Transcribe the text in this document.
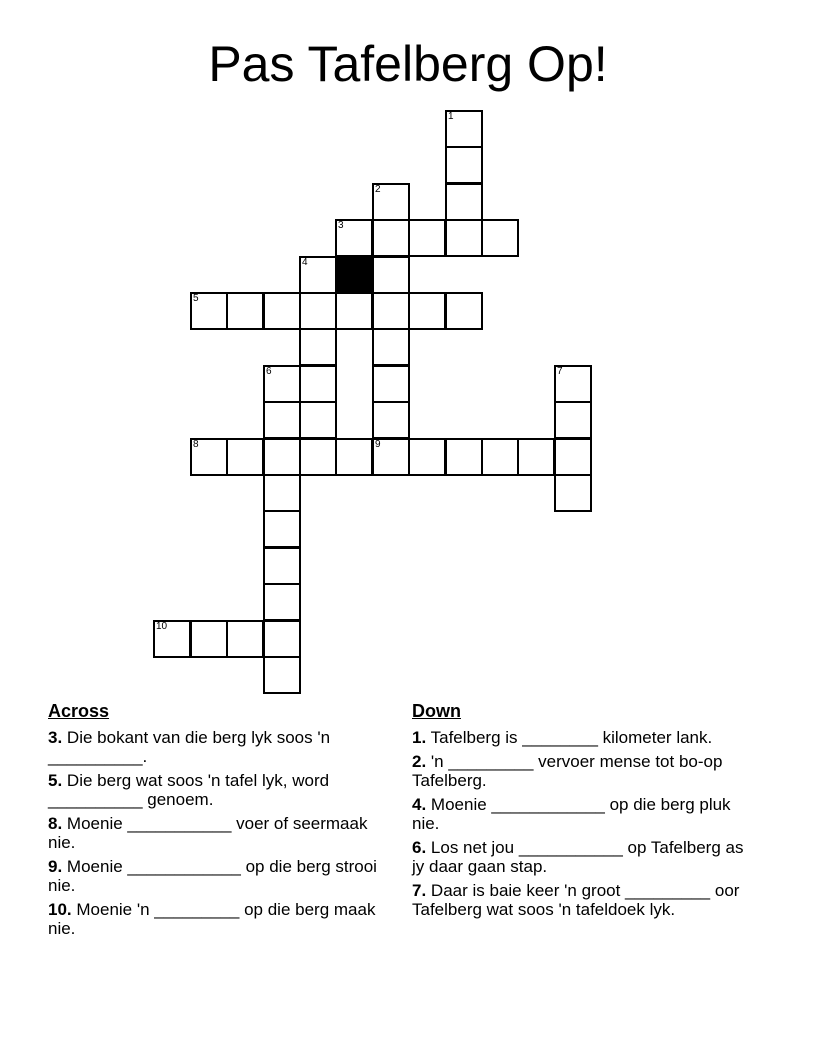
Pas Tafelberg Op!
1
2
3
4
5
6	7
8	9
10
Across
3. Die bokant van die berg lyk soos 'n __________.
5. Die berg wat soos 'n tafel lyk, word __________ genoem.
8. Moenie ___________ voer of seermaak nie.
9. Moenie ____________ op die berg strooi nie.
10. Moenie 'n _________ op die berg maak nie.
Down
1. Tafelberg is ________ kilometer lank.
2. 'n _________ vervoer mense tot bo-op Tafelberg.
4. Moenie ____________ op die berg pluk nie.
6. Los net jou ___________ op Tafelberg as jy daar gaan stap.
7. Daar is baie keer 'n groot _________ oor Tafelberg wat soos 'n tafeldoek lyk.
